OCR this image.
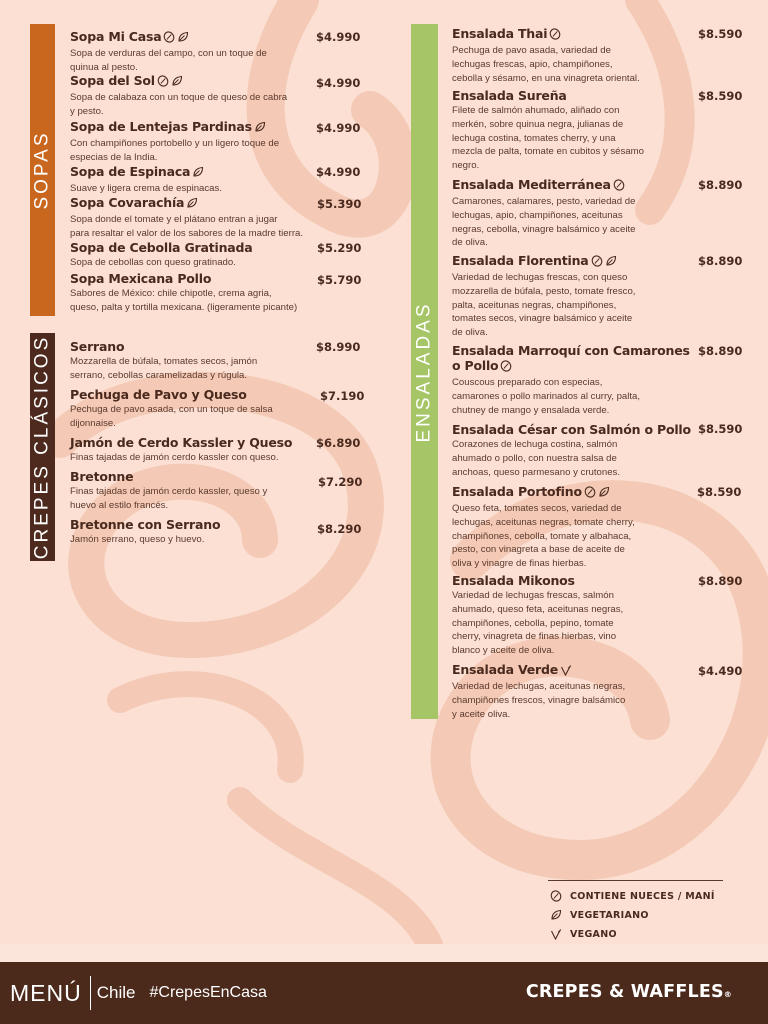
SOPAS
CREPES CLÁSICOS	ENSALADAS
Sopa Mi Casa
Sopa de verduras del campo, con un toque de
quinua al pesto.
$4.990
Sopa del Sol
Sopa de calabaza con un toque de queso de cabra
y pesto.
$4.990
Sopa de Lentejas Pardinas
Con champiñones portobello y un ligero toque de
especias de la India.
$4.990
Sopa de Espinaca
Suave y ligera crema de espinacas.
$4.990
Sopa Covarachía
Sopa donde el tomate y el plátano entran a jugar
para resaltar el valor de los sabores de la madre tierra.
$5.390
Sopa de Cebolla Gratinada
Sopa de cebollas con queso gratinado.
$5.290
Sopa Mexicana Pollo
Sabores de México: chile chipotle, crema agria,
queso, palta y tortilla mexicana. (ligeramente picante)
$5.790
Serrano
Mozzarella de búfala, tomates secos, jamón
serrano, cebollas caramelizadas y rúgula.
$8.990
Pechuga de Pavo y Queso
Pechuga de pavo asada, con un toque de salsa
dijonnaise.
$7.190
Jamón de Cerdo Kassler y Queso
Finas tajadas de jamón cerdo kassler con queso.
$6.890
Bretonne
Finas tajadas de jamón cerdo kassler, queso y
huevo al estilo francés.
$7.290
Bretonne con Serrano
Jamón serrano, queso y huevo.
$8.290
Ensalada Thai
Pechuga de pavo asada, variedad de
lechugas frescas, apio, champiñones,
cebolla y sésamo, en una vinagreta oriental.
$8.590
Ensalada Sureña
Filete de salmón ahumado, aliñado con
merkén, sobre quinua negra, julianas de
lechuga costina, tomates cherry, y una
mezcla de palta, tomate en cubitos y sésamo
negro.
$8.590
Ensalada Mediterránea
Camarones, calamares, pesto, variedad de
lechugas, apio, champiñones, aceitunas
negras, cebolla, vinagre balsámico y aceite
de oliva.
$8.890
Ensalada Florentina
Variedad de lechugas frescas, con queso
mozzarella de búfala, pesto, tomate fresco,
palta, aceitunas negras, champiñones,
tomates secos, vinagre balsámico y aceite
de oliva.
$8.890
Ensalada Marroquí con Camarones
o Pollo
Couscous preparado con especias,
camarones o pollo marinados al curry, palta,
chutney de mango y ensalada verde.
$8.890
Ensalada César con Salmón o Pollo
Corazones de lechuga costina, salmón
ahumado o pollo, con nuestra salsa de
anchoas, queso parmesano y crutones.
$8.590
Ensalada Portofino
Queso feta, tomates secos, variedad de
lechugas, aceitunas negras, tomate cherry,
champiñones, cebolla, tomate y albahaca,
pesto, con vinagreta a base de aceite de
oliva y vinagre de finas hierbas.
$8.590
Ensalada Mikonos
Variedad de lechugas frescas, salmón
ahumado, queso feta, aceitunas negras,
champiñones, cebolla, pepino, tomate
cherry, vinagreta de finas hierbas, vino
blanco y aceite de oliva.
$8.890
Ensalada Verde
Variedad de lechugas, aceitunas negras,
champiñones frescos, vinagre balsámico
y aceite oliva.
$4.490
CONTIENE NUECES / MANÍ
VEGETARIANO
VEGANO
MENÚ Chile #CrepesEnCasa	CREPES & WAFFLES®
